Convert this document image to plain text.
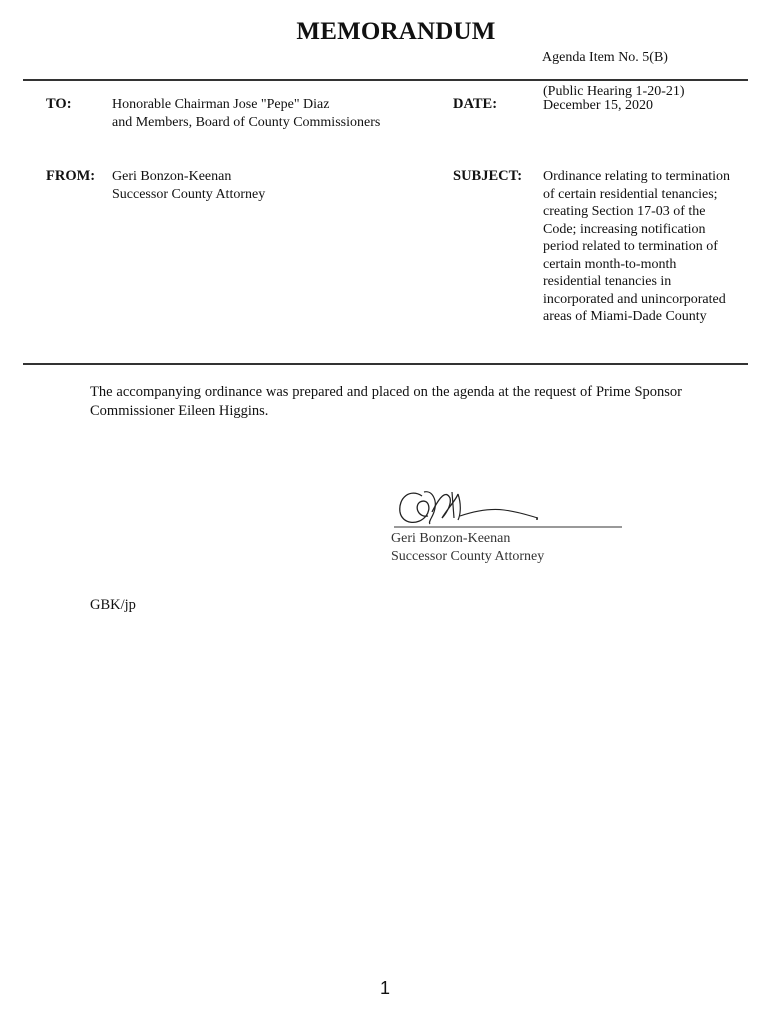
MEMORANDUM
Agenda Item No. 5(B)
TO:	Honorable Chairman Jose "Pepe" Diaz
and Members, Board of County Commissioners
DATE:
(Public Hearing 1-20-21)
December 15, 2020
FROM: Geri Bonzon-Keenan
Successor County Attorney
SUBJECT: Ordinance relating to termination
of certain residential tenancies;
creating Section 17-03 of the
Code; increasing notification
period related to termination of
certain month-to-month
residential tenancies in
incorporated and unincorporated
areas of Miami-Dade County
The accompanying ordinance was prepared and placed on the agenda at the request of Prime Sponsor Commissioner Eileen Higgins.
Geri Bonzon-Keenan
Successor County Attorney
GBK/jp
1
